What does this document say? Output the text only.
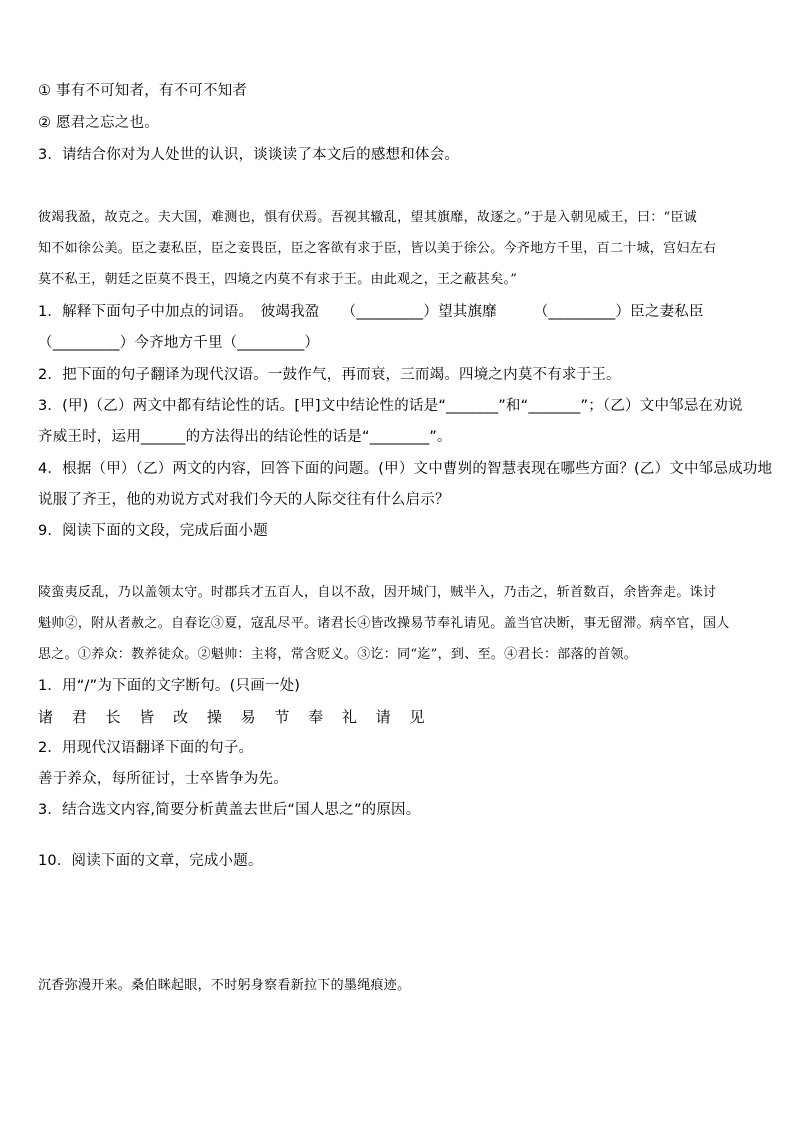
① 事有不可知者，有不可不知者
② 愿君之忘之也。
3．请结合你对为人处世的认识，谈谈读了本文后的感想和体会。
彼竭我盈，故克之。夫大国，难测也，惧有伏焉。吾视其辙乱，望其旗靡，故逐之。”于是入朝见威王，曰：“臣诚
知不如徐公美。臣之妻私臣，臣之妾畏臣，臣之客欲有求于臣，皆以美于徐公。今齐地方千里，百二十城，宫妇左右
莫不私王，朝廷之臣莫不畏王，四境之内莫不有求于王。由此观之，王之蔽甚矣。”
1．解释下面句子中加点的词语。　彼竭我盈　　（_________）望其旗靡　　　（_________）臣之妻私臣
（_________）今齐地方千里（_________）
2．把下面的句子翻译为现代汉语。一鼓作气，再而衰，三而竭。四境之内莫不有求于王。
3．(甲)（乙）两文中都有结论性的话。[甲]文中结论性的话是“_______”和“_______”；（乙）文中邹忌在劝说
齐威王时，运用______的方法得出的结论性的话是“________”。
4．根据（甲）（乙）两文的内容，回答下面的问题。(甲）文中曹刿的智慧表现在哪些方面？(乙）文中邹忌成功地
说服了齐王，他的劝说方式对我们今天的人际交往有什么启示？
9．阅读下面的文段，完成后面小题
陵蛮夷反乱，乃以盖领太守。时郡兵才五百人，自以不敌，因开城门，贼半入，乃击之，斩首数百，余皆奔走。诛讨
魁帅②，附从者赦之。自春讫③夏，寇乱尽平。诸君长④皆改操易节奉礼请见。盖当官决断，事无留滞。病卒官，国人
思之。①养众：教养徒众。②魁帅：主将，常含贬义。③讫：同“迄”，到、至。④君长：部落的首领。
1．用“/”为下面的文字断句。(只画一处)
诸 君 长 皆 改 操 易 节 奉 礼 请 见
2．用现代汉语翻译下面的句子。
善于养众，每所征讨，士卒皆争为先。
3．结合选文内容,简要分析黄盖去世后“国人思之”的原因。
10．阅读下面的文章，完成小题。
沉香弥漫开来。桑伯眯起眼，不时躬身察看新拉下的墨绳痕迹。
